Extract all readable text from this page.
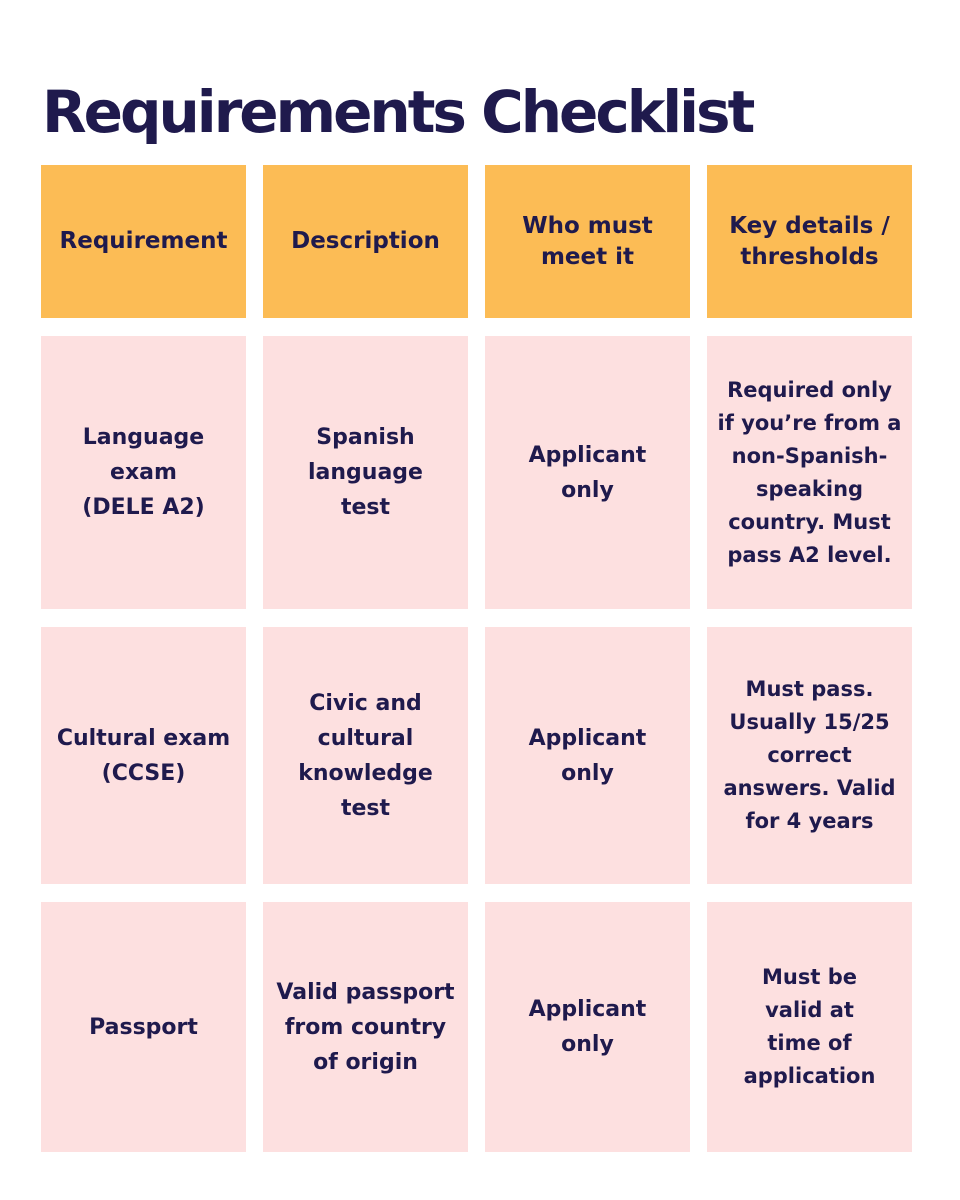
Requirements Checklist
Requirement	Description
Who must meet it
Key details / thresholds
Language exam (DELE A2)
Spanish language test
Applicant only
Required only if you’re from a non-Spanish-speaking country. Must pass A2 level.
Cultural exam (CCSE)
Civic and cultural knowledge test
Applicant only
Must pass. Usually 15/25 correct answers. Valid for 4 years
Passport
Valid passport from country of origin
Applicant only
Must be valid at time of application
